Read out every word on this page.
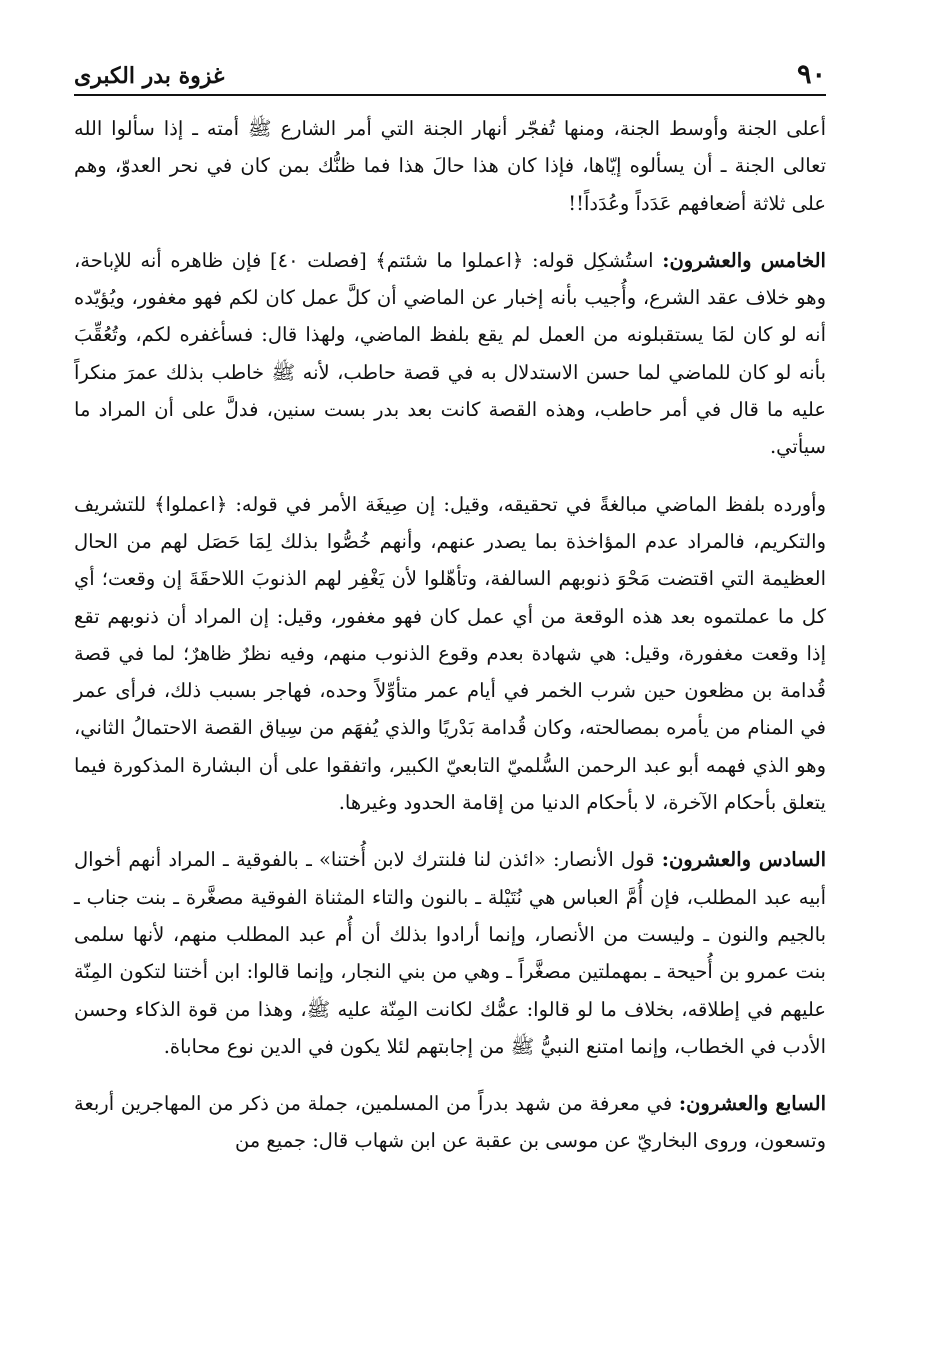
٩٠
غزوة بدر الكبرى

أعلى الجنة وأوسط الجنة، ومنها تُفجّر أنهار الجنة التي أمر الشارع ﷺ أمته ـ إذا سألوا الله تعالى الجنة ـ أن يسألوه إيّاها، فإذا كان هذا حالَ هذا فما ظنُّك بمن كان في نحر العدوّ، وهم على ثلاثة أضعافهم عَدَداً وعُدَداً!!

الخامس والعشرون: استُشكِل قوله: ﴿اعملوا ما شئتم﴾ [فصلت ٤٠] فإن ظاهره أنه للإباحة، وهو خلاف عقد الشرع، وأُجيب بأنه إخبار عن الماضي أن كلَّ عمل كان لكم فهو مغفور، ويُؤيّده أنه لو كان لمَا يستقبلونه من العمل لم يقع بلفظ الماضي، ولهذا قال: فسأغفره لكم، وتُعُقِّبَ بأنه لو كان للماضي لما حسن الاستدلال به في قصة حاطب، لأنه ﷺ خاطب بذلك عمرَ منكراً عليه ما قال في أمر حاطب، وهذه القصة كانت بعد بدر بست سنين، فدلَّ على أن المراد ما سيأتي.

وأورده بلفظ الماضي مبالغةً في تحقيقه، وقيل: إن صِيغَة الأمر في قوله: ﴿اعملوا﴾ للتشريف والتكريم، فالمراد عدم المؤاخذة بما يصدر عنهم، وأنهم خُصُّوا بذلك لِمَا حَصَل لهم من الحال العظيمة التي اقتضت مَحْوَ ذنوبهم السالفة، وتأهّلوا لأن يَغْفِر لهم الذنوبَ اللاحقَةَ إن وقعت؛ أي كل ما عملتموه بعد هذه الوقعة من أي عمل كان فهو مغفور، وقيل: إن المراد أن ذنوبهم تقع إذا وقعت مغفورة، وقيل: هي شهادة بعدم وقوع الذنوب منهم، وفيه نظرٌ ظاهرٌ؛ لما في قصة قُدامة بن مظعون حين شرب الخمر في أيام عمر متأوِّلاً وحده، فهاجر بسبب ذلك، فرأى عمر في المنام من يأمره بمصالحته، وكان قُدامة بَدْريًا والذي يُفهَم من سِياق القصة الاحتمالُ الثاني، وهو الذي فهمه أبو عبد الرحمن السُّلميّ التابعيّ الكبير، واتفقوا على أن البشارة المذكورة فيما يتعلق بأحكام الآخرة، لا بأحكام الدنيا من إقامة الحدود وغيرها.

السادس والعشرون: قول الأنصار: «ائذن لنا فلنترك لابن أُختنا» ـ بالفوقية ـ المراد أنهم أخوال أبيه عبد المطلب، فإن أُمَّ العباس هي نُتَيْلة ـ بالنون والتاء المثناة الفوقية مصغَّرة ـ بنت جناب ـ بالجيم والنون ـ وليست من الأنصار، وإنما أرادوا بذلك أن أُم عبد المطلب منهم، لأنها سلمى بنت عمرو بن أُحيحة ـ بمهملتين مصغَّراً ـ وهي من بني النجار، وإنما قالوا: ابن أختنا لتكون المِنّة عليهم في إطلاقه، بخلاف ما لو قالوا: عمُّك لكانت المِنّة عليه ﷺ، وهذا من قوة الذكاء وحسن الأدب في الخطاب، وإنما امتنع النبيُّ ﷺ من إجابتهم لئلا يكون في الدين نوع محاباة.

السابع والعشرون: في معرفة من شهد بدراً من المسلمين، جملة من ذكر من المهاجرين أربعة وتسعون، وروى البخاريّ عن موسى بن عقبة عن ابن شهاب قال: جميع من
